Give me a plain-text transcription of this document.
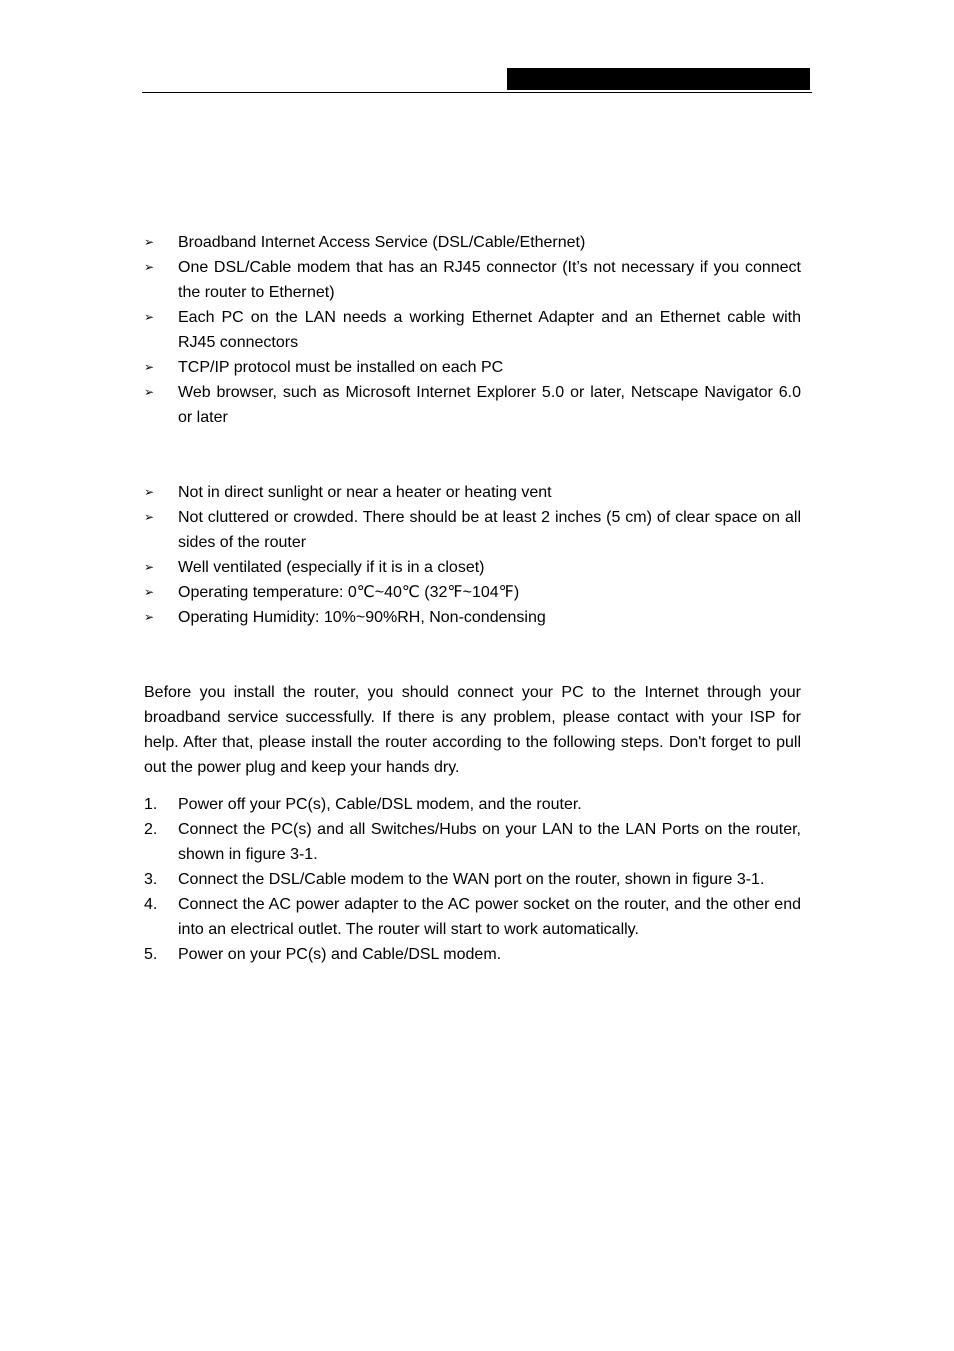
➢	Broadband Internet Access Service (DSL/Cable/Ethernet)
➢	One DSL/Cable modem that has an RJ45 connector (It’s not necessary if you connect the router to Ethernet)
➢	Each PC on the LAN needs a working Ethernet Adapter and an Ethernet cable with RJ45 connectors
➢	TCP/IP protocol must be installed on each PC
➢	Web browser, such as Microsoft Internet Explorer 5.0 or later, Netscape Navigator 6.0 or later
➢	Not in direct sunlight or near a heater or heating vent
➢	Not cluttered or crowded. There should be at least 2 inches (5 cm) of clear space on all sides of the router
➢	Well ventilated (especially if it is in a closet)
➢	Operating temperature: 0℃~40℃ (32℉~104℉)
➢	Operating Humidity: 10%~90%RH, Non-condensing

Before you install the router, you should connect your PC to the Internet through your broadband service successfully. If there is any problem, please contact with your ISP for help. After that, please install the router according to the following steps. Don't forget to pull out the power plug and keep your hands dry.

1.	Power off your PC(s), Cable/DSL modem, and the router.
2.	Connect the PC(s) and all Switches/Hubs on your LAN to the LAN Ports on the router, shown in figure 3-1.
3.	Connect the DSL/Cable modem to the WAN port on the router, shown in figure 3-1.
4.	Connect the AC power adapter to the AC power socket on the router, and the other end into an electrical outlet. The router will start to work automatically.
5.	Power on your PC(s) and Cable/DSL modem.
